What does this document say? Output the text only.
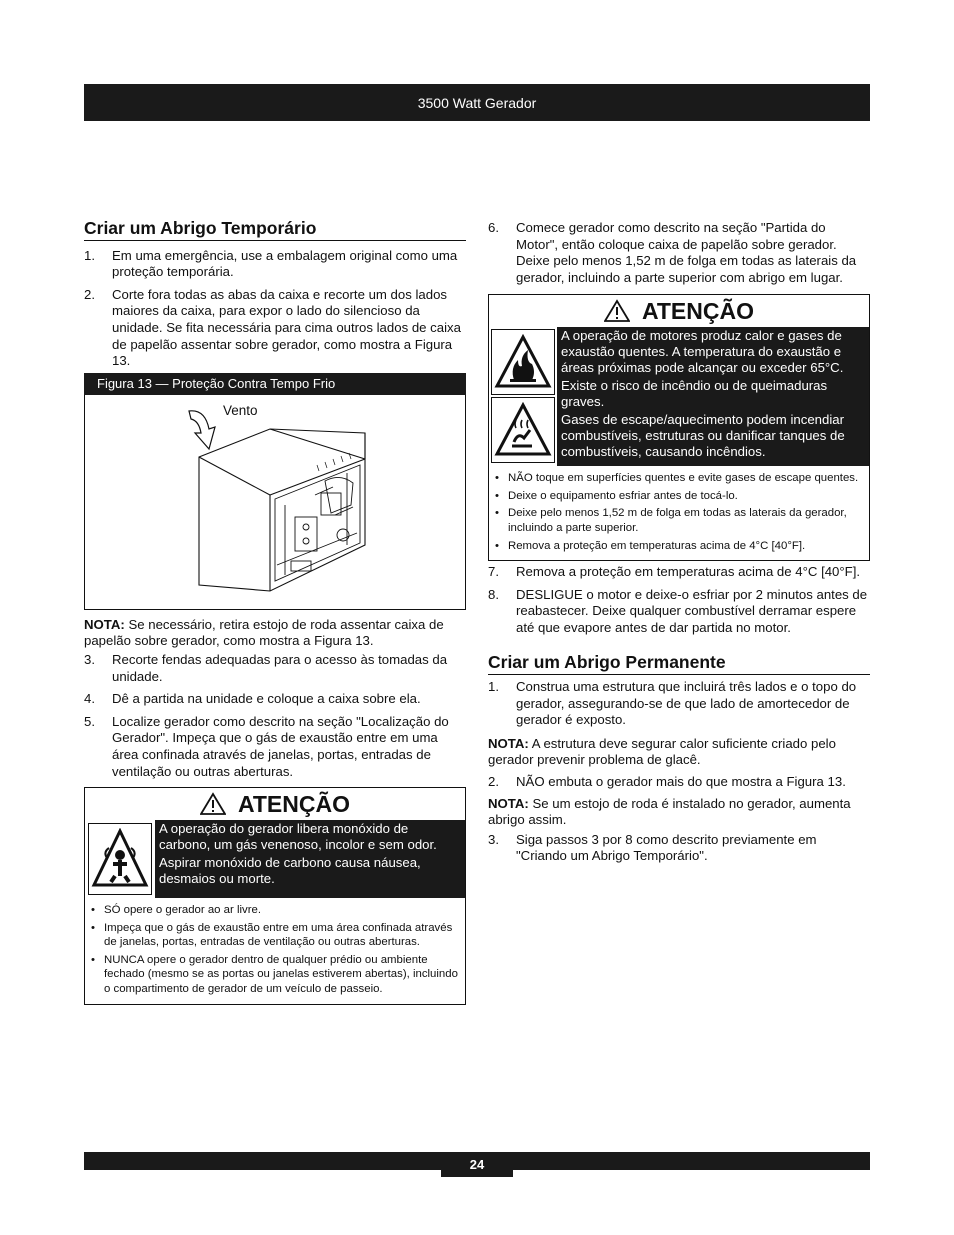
3500 Watt Gerador
Criar um Abrigo Temporário
1. Em uma emergência, use a embalagem original como uma proteção temporária.
2. Corte fora todas as abas da caixa e recorte um dos lados maiores da caixa, para expor o lado do silencioso da unidade. Se fita necessária para cima outros lados de caixa de papelão assentar sobre gerador, como mostra a Figura 13.
Figura 13 — Proteção Contra Tempo Frio
Vento
NOTA: Se necessário, retira estojo de roda assentar caixa de papelão sobre gerador, como mostra a Figura 13.
3. Recorte fendas adequadas para o acesso às tomadas da unidade.
4. Dê a partida na unidade e coloque a caixa sobre ela.
5. Localize gerador como descrito na seção "Localização do Gerador". Impeça que o gás de exaustão entre em uma área confinada através de janelas, portas, entradas de ventilação ou outras aberturas.
ATENÇÃO

A operação do gerador libera monóxido de carbono, um gás venenoso, incolor e sem odor.

Aspirar monóxido de carbono causa náusea, desmaios ou morte.

• SÓ opere o gerador ao ar livre.
• Impeça que o gás de exaustão entre em uma área confinada através de janelas, portas, entradas de ventilação ou outras aberturas.
• NUNCA opere o gerador dentro de qualquer prédio ou ambiente fechado (mesmo se as portas ou janelas estiverem abertas), incluindo o compartimento de gerador de um veículo de passeio.
6. Comece gerador como descrito na seção "Partida do Motor", então coloque caixa de papelão sobre gerador. Deixe pelo menos 1,52 m de folga em todas as laterais da gerador, incluindo a parte superior com abrigo em lugar.
ATENÇÃO

A operação de motores produz calor e gases de exaustão quentes. A temperatura do exaustão e áreas próximas pode alcançar ou exceder 65°C.

Existe o risco de incêndio ou de queimaduras graves.

Gases de escape/aquecimento podem incendiar combustíveis, estruturas ou danificar tanques de combustíveis, causando incêndios.

• NÃO toque em superfícies quentes e evite gases de escape quentes.
• Deixe o equipamento esfriar antes de tocá-lo.
• Deixe pelo menos 1,52 m de folga em todas as laterais da gerador, incluindo a parte superior.
• Remova a proteção em temperaturas acima de 4°C [40°F].
7. Remova a proteção em temperaturas acima de 4°C [40°F].
8. DESLIGUE o motor e deixe-o esfriar por 2 minutos antes de reabastecer. Deixe qualquer combustível derramar espere até que evapore antes de dar partida no motor.
Criar um Abrigo Permanente
1. Construa uma estrutura que incluirá três lados e o topo do gerador, assegurando-se de que lado de amortecedor de gerador é exposto.
NOTA: A estrutura deve segurar calor suficiente criado pelo gerador prevenir problema de glacê.
2. NÃO embuta o gerador mais do que mostra a Figura 13.
NOTA: Se um estojo de roda é instalado no gerador, aumenta abrigo assim.
3. Siga passos 3 por 8 como descrito previamente em "Criando um Abrigo Temporário".
24
